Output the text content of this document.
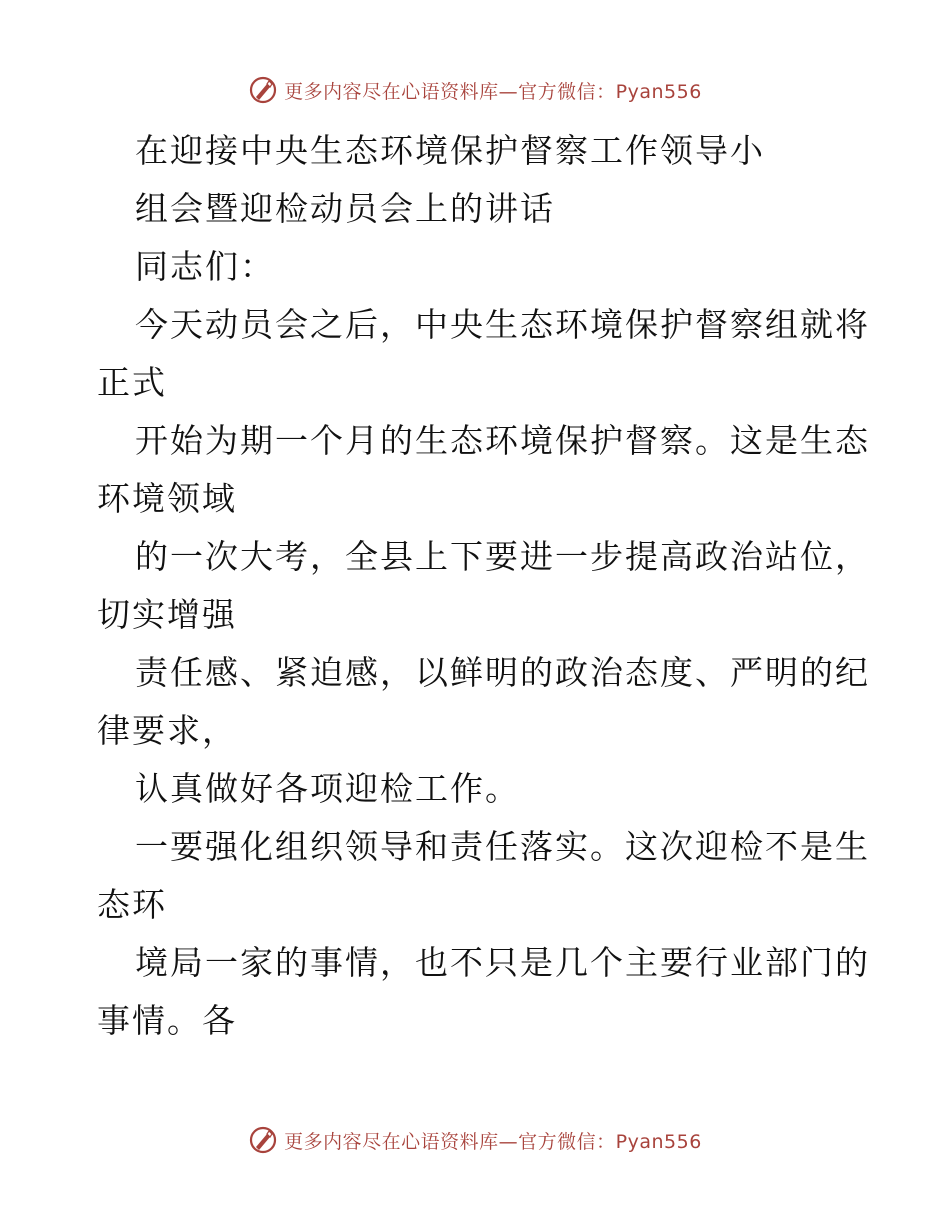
更多内容尽在心语资料库—官方微信：Pyan556
在迎接中央生态环境保护督察工作领导小
组会暨迎检动员会上的讲话
同志们：
今天动员会之后，中央生态环境保护督察组就将
正式
开始为期一个月的生态环境保护督察。这是生态
环境领域
的一次大考，全县上下要进一步提高政治站位，
切实增强
责任感、紧迫感，以鲜明的政治态度、严明的纪
律要求，
认真做好各项迎检工作。
一要强化组织领导和责任落实。这次迎检不是生
态环
境局一家的事情，也不只是几个主要行业部门的
事情。各
更多内容尽在心语资料库—官方微信：Pyan556
